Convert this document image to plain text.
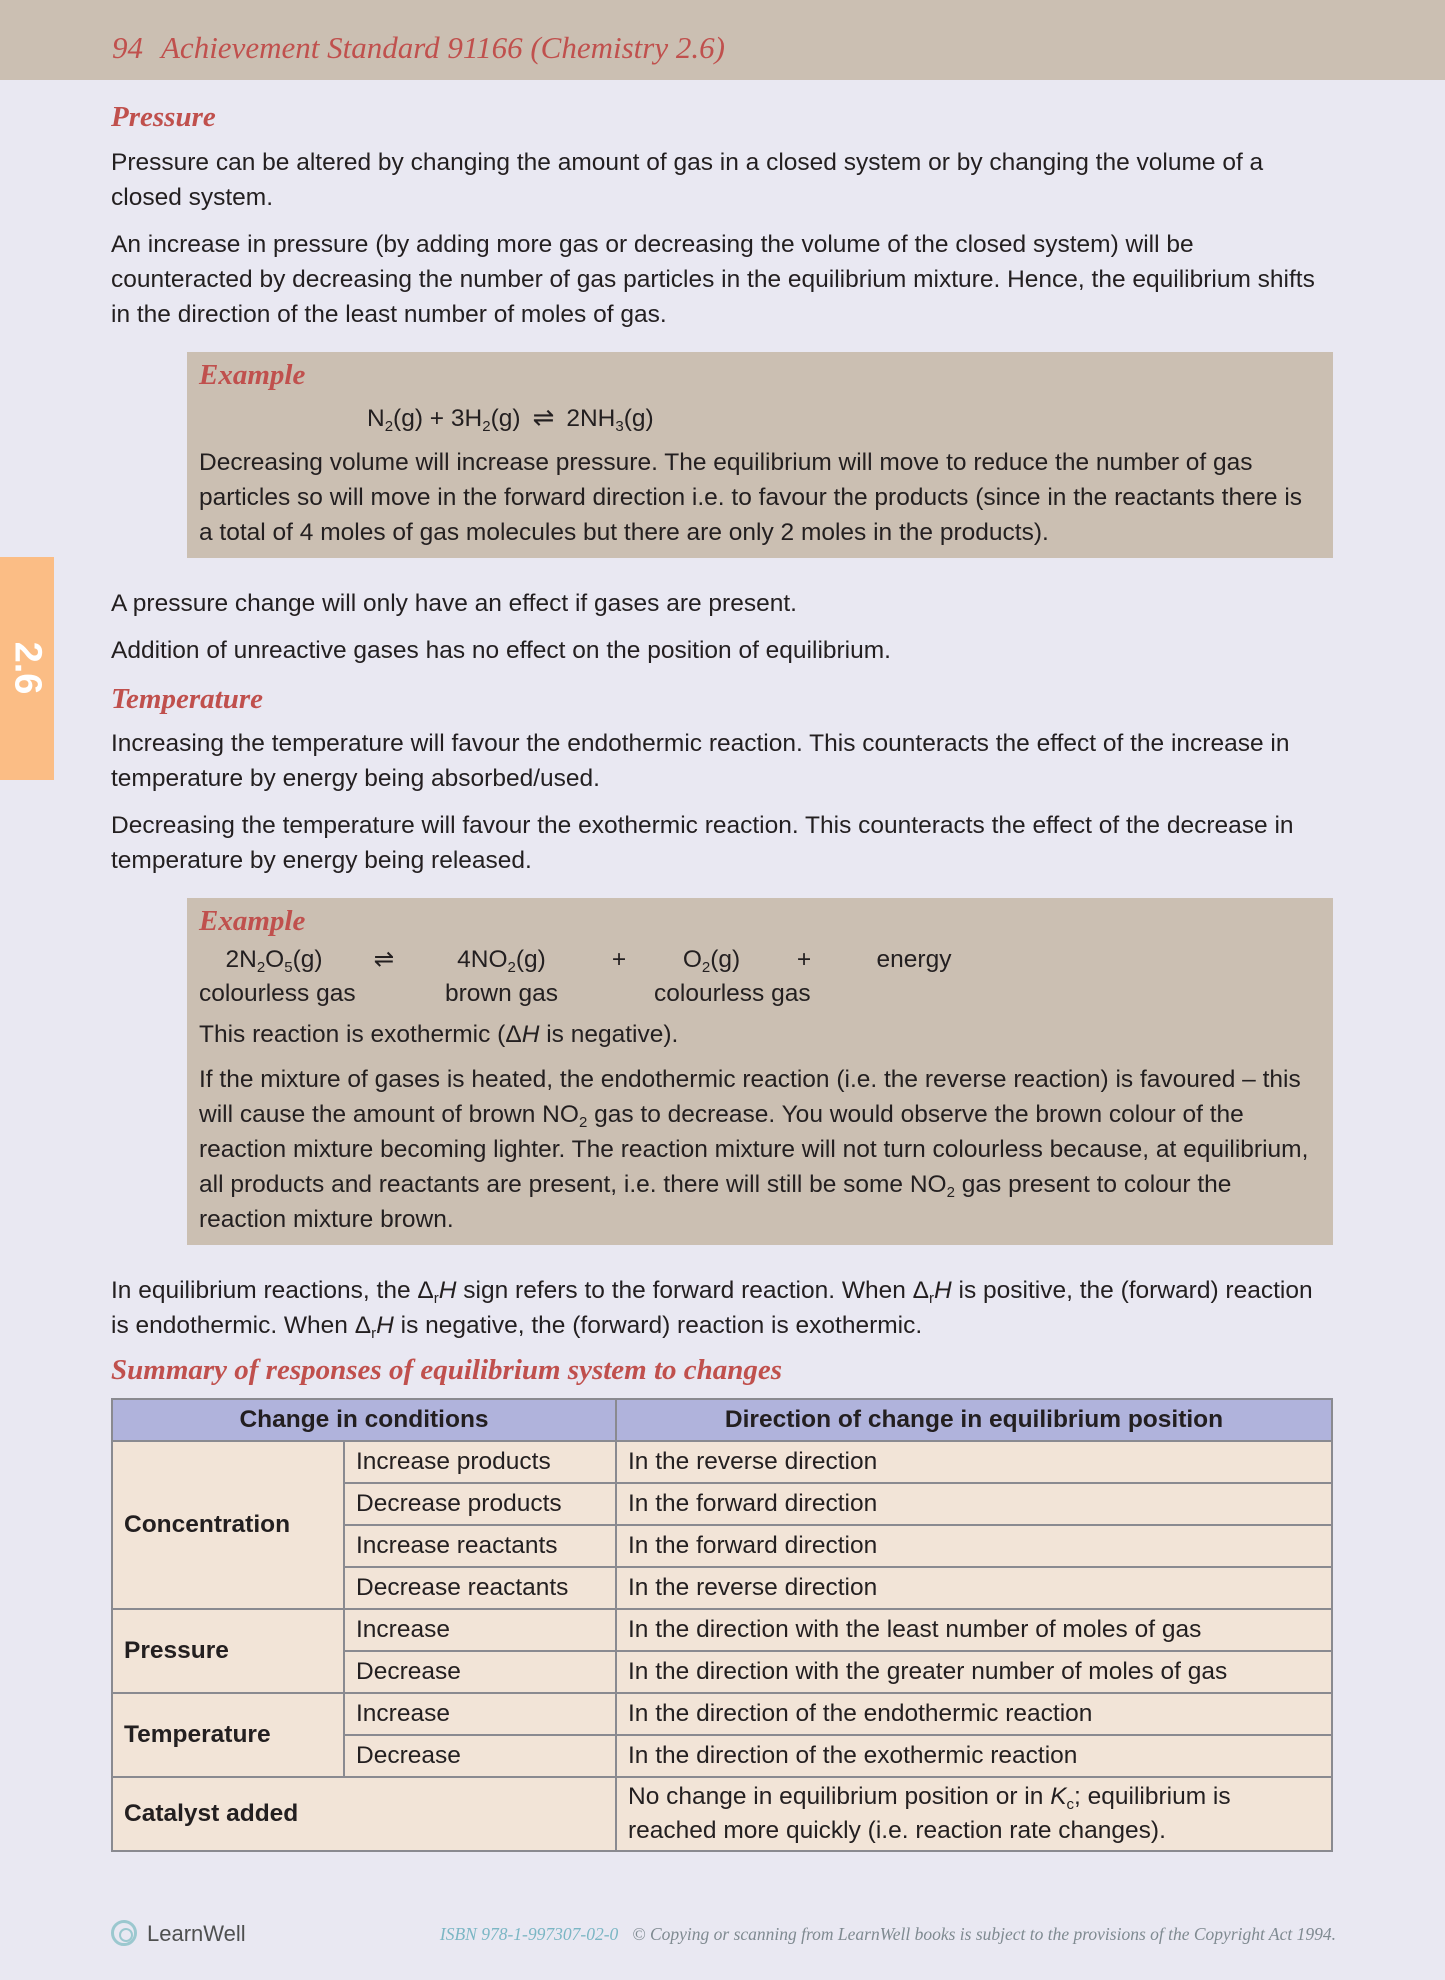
94 Achievement Standard 91166 (Chemistry 2.6)
2.6
Pressure

Pressure can be altered by changing the amount of gas in a closed system or by changing the volume of a closed system.

An increase in pressure (by adding more gas or decreasing the volume of the closed system) will be counteracted by decreasing the number of gas particles in the equilibrium mixture. Hence, the equilibrium shifts in the direction of the least number of moles of gas.

Example
$N_2(g) + 3H_2(g)$ ⇌ $2NH_3(g)$

Decreasing volume will increase pressure. The equilibrium will move to reduce the number of gas particles so will move in the forward direction i.e. to favour the products (since in the reactants there is a total of 4 moles of gas molecules but there are only 2 moles in the products).

A pressure change will only have an effect if gases are present.

Addition of unreactive gases has no effect on the position of equilibrium.

Temperature

Increasing the temperature will favour the endothermic reaction. This counteracts the effect of the increase in temperature by energy being absorbed/used.

Decreasing the temperature will favour the exothermic reaction. This counteracts the effect of the decrease in temperature by energy being released.

Example
$2N_2O_5(g)$	⇌	$4NO_2(g)$	+	$O_2(g)$	+	energy
colourless gas	brown gas	colourless gas

This reaction is exothermic (ΔH is negative).

If the mixture of gases is heated, the endothermic reaction (i.e. the reverse reaction) is favoured – this will cause the amount of brown $NO_2$ gas to decrease. You would observe the brown colour of the reaction mixture becoming lighter. The reaction mixture will not turn colourless because, at equilibrium, all products and reactants are present, i.e. there will still be some $NO_2$ gas present to colour the reaction mixture brown.

In equilibrium reactions, the $\Delta_rH$ sign refers to the forward reaction. When $\Delta_rH$ is positive, the (forward) reaction is endothermic. When $\Delta_rH$ is negative, the (forward) reaction is exothermic.

Summary of responses of equilibrium system to changes
Change in conditions		Direction of change in equilibrium position
Concentration	Increase products	In the reverse direction
	Decrease products	In the forward direction
	Increase reactants	In the forward direction
	Decrease reactants	In the reverse direction
Pressure	Increase	In the direction with the least number of moles of gas
	Decrease	In the direction with the greater number of moles of gas
Temperature	Increase	In the direction of the endothermic reaction
	Decrease	In the direction of the exothermic reaction
Catalyst added		No change in equilibrium position or in $K_c$; equilibrium is reached more quickly (i.e. reaction rate changes).
LearnWell	ISBN 978-1-997307-02-0 © Copying or scanning from LearnWell books is subject to the provisions of the Copyright Act 1994.
